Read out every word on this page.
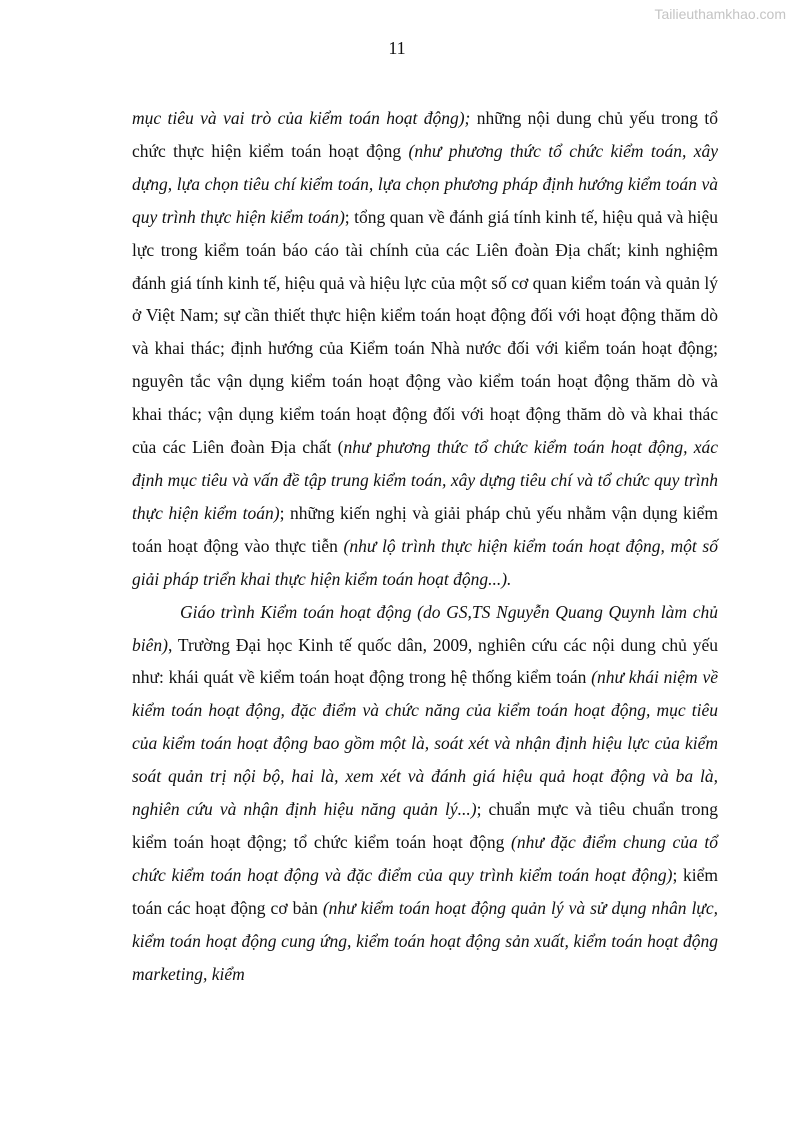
Tailieuthamkhao.com
11

mục tiêu và vai trò của kiểm toán hoạt động); những nội dung chủ yếu trong tổ chức thực hiện kiểm toán hoạt động (như phương thức tổ chức kiểm toán, xây dựng, lựa chọn tiêu chí kiểm toán, lựa chọn phương pháp định hướng kiểm toán và quy trình thực hiện kiểm toán); tổng quan về đánh giá tính kinh tế, hiệu quả và hiệu lực trong kiểm toán báo cáo tài chính của các Liên đoàn Địa chất; kinh nghiệm đánh giá tính kinh tế, hiệu quả và hiệu lực của một số cơ quan kiểm toán và quản lý ở Việt Nam; sự cần thiết thực hiện kiểm toán hoạt động đối với hoạt động thăm dò và khai thác; định hướng của Kiểm toán Nhà nước đối với kiểm toán hoạt động; nguyên tắc vận dụng kiểm toán hoạt động vào kiểm toán hoạt động thăm dò và khai thác; vận dụng kiểm toán hoạt động đối với hoạt động thăm dò và khai thác của các Liên đoàn Địa chất (như phương thức tổ chức kiểm toán hoạt động, xác định mục tiêu và vấn đề tập trung kiểm toán, xây dựng tiêu chí và tổ chức quy trình thực hiện kiểm toán); những kiến nghị và giải pháp chủ yếu nhằm vận dụng kiểm toán hoạt động vào thực tiễn (như lộ trình thực hiện kiểm toán hoạt động, một số giải pháp triển khai thực hiện kiểm toán hoạt động...).

Giáo trình Kiểm toán hoạt động (do GS,TS Nguyễn Quang Quynh làm chủ biên), Trường Đại học Kinh tế quốc dân, 2009, nghiên cứu các nội dung chủ yếu như: khái quát về kiểm toán hoạt động trong hệ thống kiểm toán (như khái niệm về kiểm toán hoạt động, đặc điểm và chức năng của kiểm toán hoạt động, mục tiêu của kiểm toán hoạt động bao gồm một là, soát xét và nhận định hiệu lực của kiểm soát quản trị nội bộ, hai là, xem xét và đánh giá hiệu quả hoạt động và ba là, nghiên cứu và nhận định hiệu năng quản lý...); chuẩn mực và tiêu chuẩn trong kiểm toán hoạt động; tổ chức kiểm toán hoạt động (như đặc điểm chung của tổ chức kiểm toán hoạt động và đặc điểm của quy trình kiểm toán hoạt động); kiểm toán các hoạt động cơ bản (như kiểm toán hoạt động quản lý và sử dụng nhân lực, kiểm toán hoạt động cung ứng, kiểm toán hoạt động sản xuất, kiểm toán hoạt động marketing, kiểm
